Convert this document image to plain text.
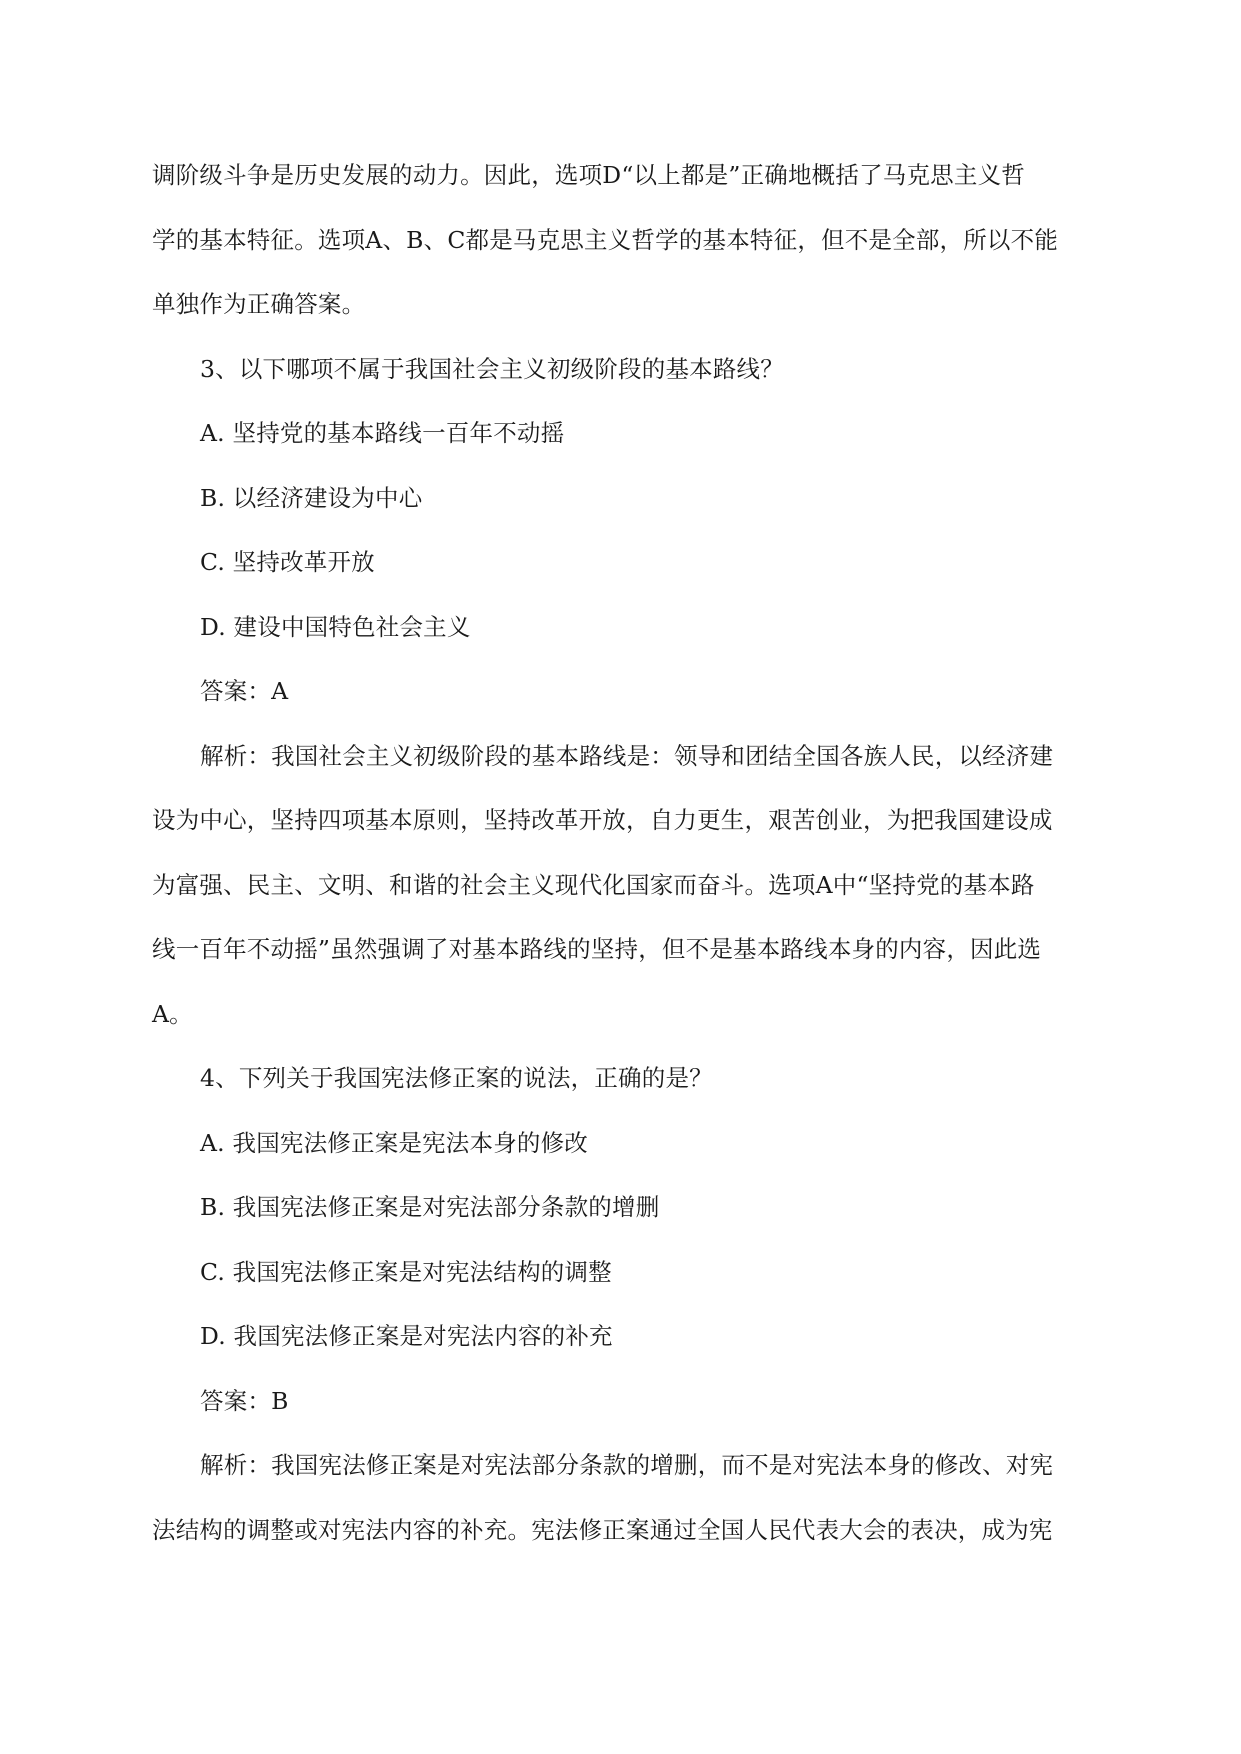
调阶级斗争是历史发展的动力。因此，选项D“以上都是”正确地概括了马克思主义哲
学的基本特征。选项A、B、C都是马克思主义哲学的基本特征，但不是全部，所以不能
单独作为正确答案。
3、以下哪项不属于我国社会主义初级阶段的基本路线？
A. 坚持党的基本路线一百年不动摇
B. 以经济建设为中心
C. 坚持改革开放
D. 建设中国特色社会主义
答案：A
解析：我国社会主义初级阶段的基本路线是：领导和团结全国各族人民，以经济建
设为中心，坚持四项基本原则，坚持改革开放，自力更生，艰苦创业，为把我国建设成
为富强、民主、文明、和谐的社会主义现代化国家而奋斗。选项A中“坚持党的基本路
线一百年不动摇”虽然强调了对基本路线的坚持，但不是基本路线本身的内容，因此选
A。
4、下列关于我国宪法修正案的说法，正确的是？
A. 我国宪法修正案是宪法本身的修改
B. 我国宪法修正案是对宪法部分条款的增删
C. 我国宪法修正案是对宪法结构的调整
D. 我国宪法修正案是对宪法内容的补充
答案：B
解析：我国宪法修正案是对宪法部分条款的增删，而不是对宪法本身的修改、对宪
法结构的调整或对宪法内容的补充。宪法修正案通过全国人民代表大会的表决，成为宪
